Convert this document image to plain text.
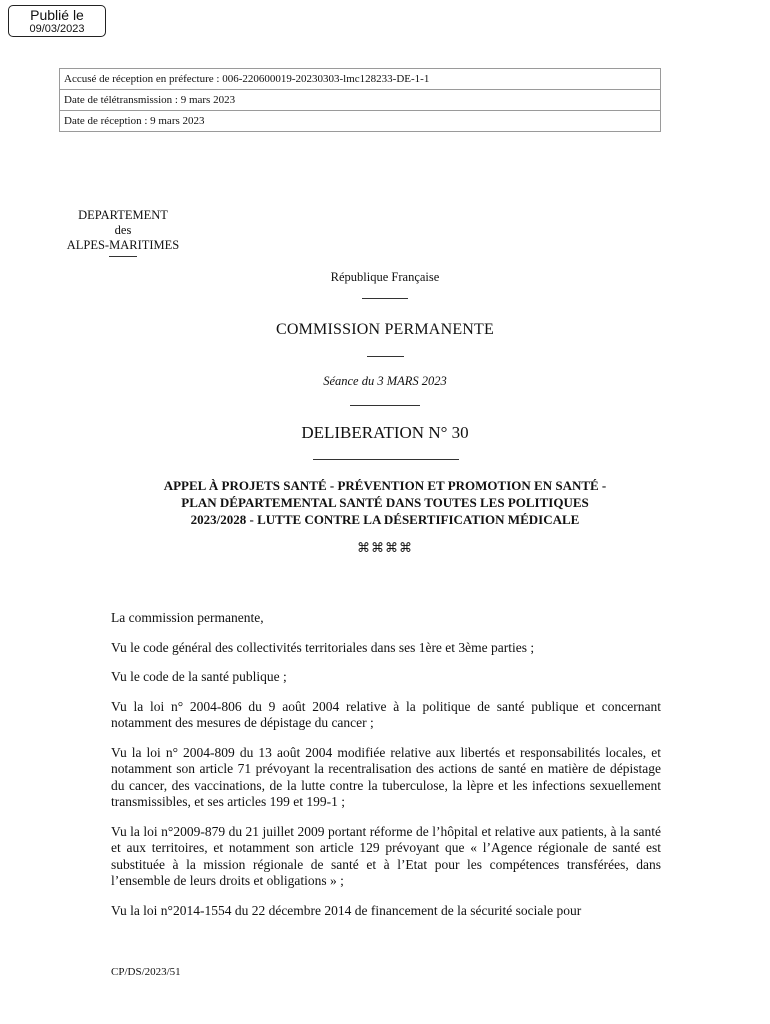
Publié le
09/03/2023
Accusé de réception en préfecture : 006-220600019-20230303-lmc128233-DE-1-1
Date de télétransmission : 9 mars 2023
Date de réception : 9 mars 2023
DEPARTEMENT
des
ALPES-MARITIMES
République Française
COMMISSION PERMANENTE
Séance du 3 MARS 2023
DELIBERATION N° 30
APPEL À PROJETS SANTÉ - PRÉVENTION ET PROMOTION EN SANTÉ -
PLAN DÉPARTEMENTAL SANTÉ DANS TOUTES LES POLITIQUES
2023/2028 - LUTTE CONTRE LA DÉSERTIFICATION MÉDICALE
⌘⌘⌘⌘

La commission permanente,

Vu le code général des collectivités territoriales dans ses 1ère et 3ème parties ;

Vu le code de la santé publique ;

Vu la loi n° 2004-806 du 9 août 2004 relative à la politique de santé publique et concernant notamment des mesures de dépistage du cancer ;

Vu la loi n° 2004-809 du 13 août 2004 modifiée relative aux libertés et responsabilités locales, et notamment son article 71 prévoyant la recentralisation des actions de santé en matière de dépistage du cancer, des vaccinations, de la lutte contre la tuberculose, la lèpre et les infections sexuellement transmissibles, et ses articles 199 et 199-1 ;

Vu la loi n°2009-879 du 21 juillet 2009 portant réforme de l’hôpital et relative aux patients, à la santé et aux territoires, et notamment son article 129 prévoyant que « l’Agence régionale de santé est substituée à la mission régionale de santé et à l’Etat pour les compétences transférées, dans l’ensemble de leurs droits et obligations » ;

Vu la loi n°2014-1554 du 22 décembre 2014 de financement de la sécurité sociale pour

CP/DS/2023/51
